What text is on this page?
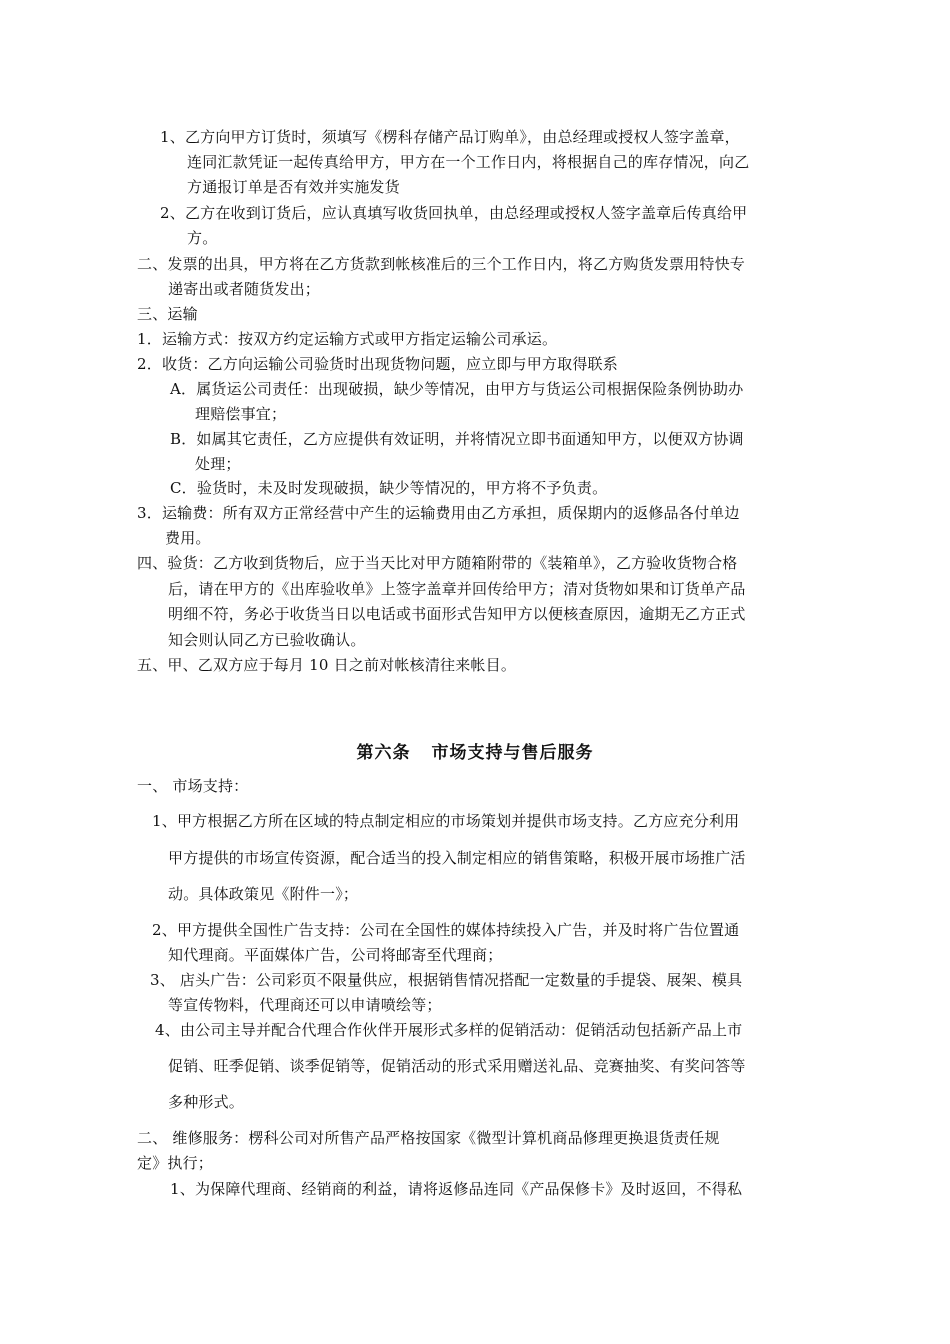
1、乙方向甲方订货时，须填写《楞科存储产品订购单》，由总经理或授权人签字盖章，
连同汇款凭证一起传真给甲方，甲方在一个工作日内，将根据自己的库存情况，向乙
方通报订单是否有效并实施发货
2、乙方在收到订货后，应认真填写收货回执单，由总经理或授权人签字盖章后传真给甲
方。
二、发票的出具，甲方将在乙方货款到帐核准后的三个工作日内，将乙方购货发票用特快专
递寄出或者随货发出；
三、运输
1．运输方式：按双方约定运输方式或甲方指定运输公司承运。
2．收货：乙方向运输公司验货时出现货物问题，应立即与甲方取得联系
A．属货运公司责任：出现破损，缺少等情况，由甲方与货运公司根据保险条例协助办
理赔偿事宜；
B．如属其它责任，乙方应提供有效证明，并将情况立即书面通知甲方，以便双方协调
处理；
C．验货时，未及时发现破损，缺少等情况的，甲方将不予负责。
3．运输费：所有双方正常经营中产生的运输费用由乙方承担，质保期内的返修品各付单边
费用。
四、验货：乙方收到货物后，应于当天比对甲方随箱附带的《装箱单》，乙方验收货物合格
后，请在甲方的《出库验收单》上签字盖章并回传给甲方；清对货物如果和订货单产品
明细不符，务必于收货当日以电话或书面形式告知甲方以便核查原因，逾期无乙方正式
知会则认同乙方已验收确认。
五、甲、乙双方应于每月 10 日之前对帐核清往来帐目。
第六条 市场支持与售后服务
一、 市场支持：
1、甲方根据乙方所在区域的特点制定相应的市场策划并提供市场支持。乙方应充分利用
甲方提供的市场宣传资源，配合适当的投入制定相应的销售策略，积极开展市场推广活
动。具体政策见《附件一》；
2、甲方提供全国性广告支持：公司在全国性的媒体持续投入广告，并及时将广告位置通
知代理商。平面媒体广告，公司将邮寄至代理商；
3、 店头广告：公司彩页不限量供应，根据销售情况搭配一定数量的手提袋、展架、模具
等宣传物料，代理商还可以申请喷绘等；
4、由公司主导并配合代理合作伙伴开展形式多样的促销活动：促销活动包括新产品上市
促销、旺季促销、谈季促销等，促销活动的形式采用赠送礼品、竞赛抽奖、有奖问答等
多种形式。
二、 维修服务：楞科公司对所售产品严格按国家《微型计算机商品修理更换退货责任规
定》执行；
1、为保障代理商、经销商的利益，请将返修品连同《产品保修卡》及时返回，不得私
